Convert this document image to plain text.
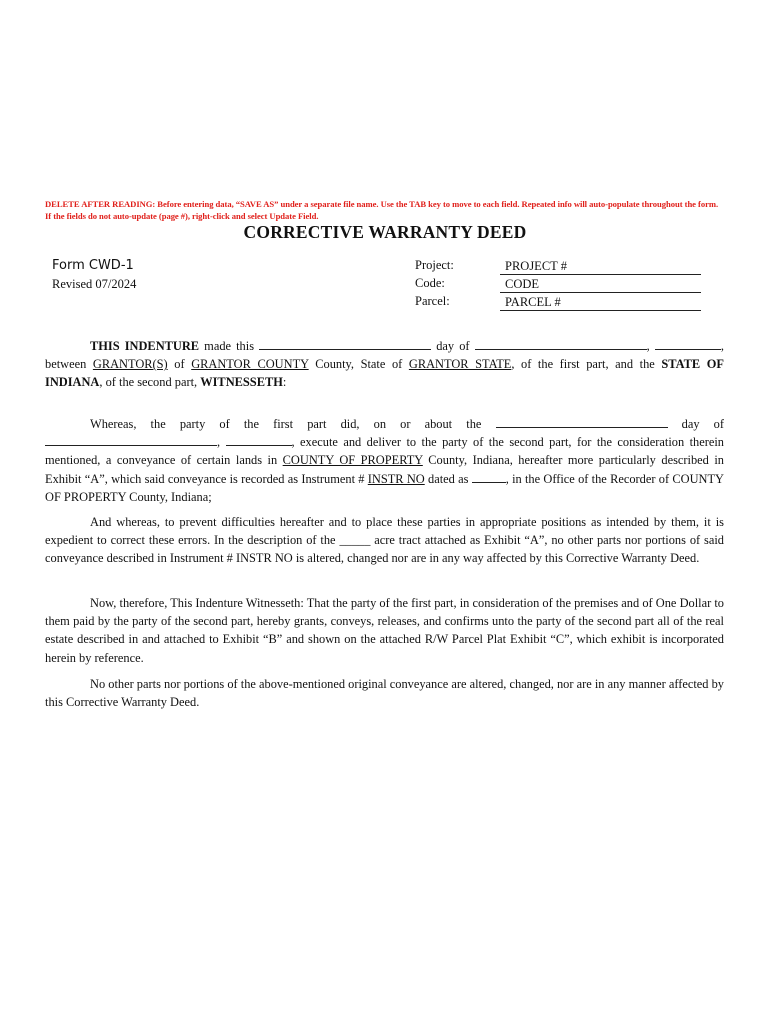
DELETE AFTER READING: Before entering data, “SAVE AS” under a separate file name. Use the TAB key to move to each field. Repeated info will auto-populate throughout the form. If the fields do not auto-update (page #), right-click and select Update Field.
CORRECTIVE WARRANTY DEED
Form CWD-1
Revised 07/2024
Project:	PROJECT #
Code:	CODE
Parcel:	PARCEL #
THIS INDENTURE made this	day of	,	, between GRANTOR(S) of GRANTOR COUNTY County, State of GRANTOR STATE, of the first part, and the STATE OF INDIANA, of the second part, WITNESSETH:
Whereas, the party of the first part did, on or about the	day of ,	, execute and deliver to the party of the second part, for the consideration therein mentioned, a conveyance of certain lands in COUNTY OF PROPERTY County, Indiana, hereafter more particularly described in Exhibit “A”, which said conveyance is recorded as Instrument # INSTR NO dated as	, in the Office of the Recorder of COUNTY OF PROPERTY County, Indiana;
And whereas, to prevent difficulties hereafter and to place these parties in appropriate positions as intended by them, it is expedient to correct these errors. In the description of the _____ acre tract attached as Exhibit “A”, no other parts nor portions of said conveyance described in Instrument # INSTR NO is altered, changed nor are in any way affected by this Corrective Warranty Deed.
Now, therefore, This Indenture Witnesseth: That the party of the first part, in consideration of the premises and of One Dollar to them paid by the party of the second part, hereby grants, conveys, releases, and confirms unto the party of the second part all of the real estate described in and attached to Exhibit “B” and shown on the attached R/W Parcel Plat Exhibit “C”, which exhibit is incorporated herein by reference.
No other parts nor portions of the above-mentioned original conveyance are altered, changed, nor are in any manner affected by this Corrective Warranty Deed.
